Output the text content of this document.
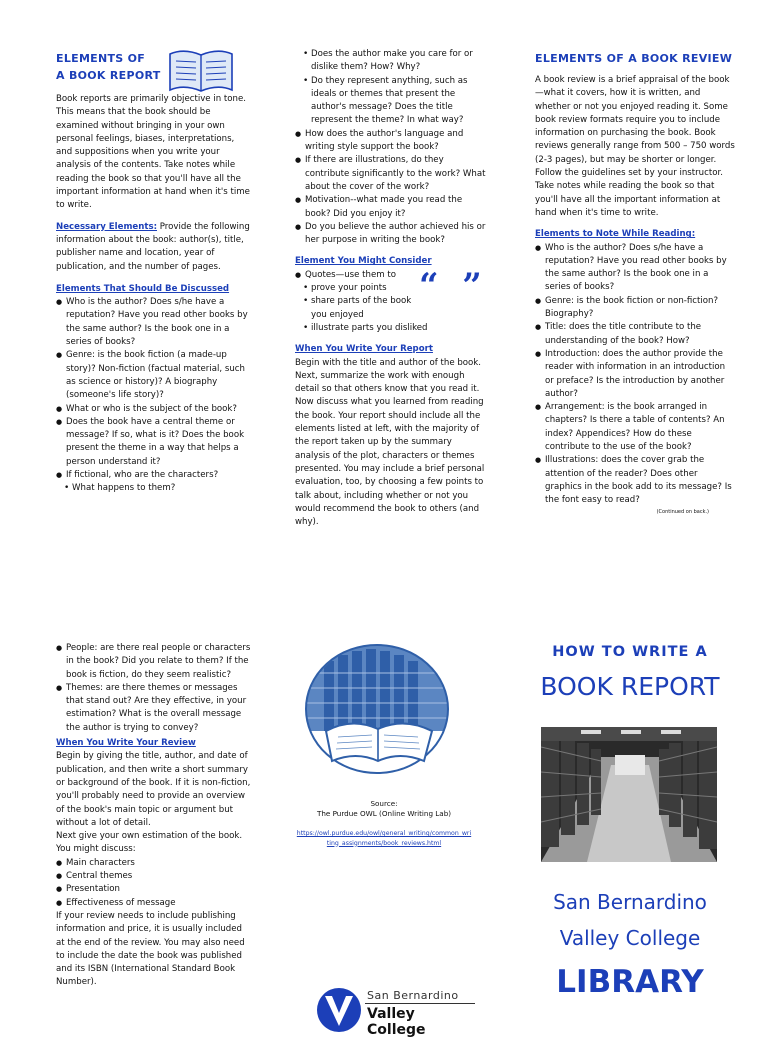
ELEMENTS OF
A BOOK REPORT

Book reports are primarily objective in tone. This means that the book should be examined without bringing in your own personal feelings, biases, interpretations, and suppositions when you write your analysis of the contents. Take notes while reading the book so that you'll have all the important information at hand when it's time to write.

Necessary Elements: Provide the following information about the book: author(s), title, publisher name and location, year of publication, and the number of pages.

Elements That Should Be Discussed
● Who is the author? Does s/he have a reputation? Have you read other books by the same author? Is the book one in a series of books?
● Genre: is the book fiction (a made-up story)? Non-fiction (factual material, such as science or history)? A biography (someone's life story)?
● What or who is the subject of the book?
● Does the book have a central theme or message? If so, what is it? Does the book present the theme in a way that helps a person understand it?
● If fictional, who are the characters?
• What happens to them?
• Does the author make you care for or dislike them? How? Why?
• Do they represent anything, such as ideals or themes that present the author's message? Does the title represent the theme? In what way?
● How does the author's language and writing style support the book?
● If there are illustrations, do they contribute significantly to the work? What about the cover of the work?
● Motivation--what made you read the book? Did you enjoy it?
● Do you believe the author achieved his or her purpose in writing the book?
Element You Might Consider
● Quotes—use them to
• prove your points
• share parts of the book you enjoyed
• illustrate parts you disliked
“ ”
When You Write Your Report

Begin with the title and author of the book. Next, summarize the work with enough detail so that others know that you read it. Now discuss what you learned from reading the book. Your report should include all the elements listed at left, with the majority of the report taken up by the summary analysis of the plot, characters or themes presented. You may include a brief personal evaluation, too, by choosing a few points to talk about, including whether or not you would recommend the book to others (and why).

ELEMENTS OF A BOOK REVIEW

A book review is a brief appraisal of the book—what it covers, how it is written, and whether or not you enjoyed reading it. Some book review formats require you to include information on purchasing the book. Book reviews generally range from 500 – 750 words (2-3 pages), but may be shorter or longer. Follow the guidelines set by your instructor. Take notes while reading the book so that you'll have all the important information at hand when it's time to write.

Elements to Note While Reading:
● Who is the author? Does s/he have a reputation? Have you read other books by the same author? Is the book one in a series of books?
● Genre: is the book fiction or non-fiction? Biography?
● Title: does the title contribute to the understanding of the book? How?
● Introduction: does the author provide the reader with information in an introduction or preface? Is the introduction by another author?
● Arrangement: is the book arranged in chapters? Is there a table of contents? An index? Appendices? How do these contribute to the use of the book?
● Illustrations: does the cover grab the attention of the reader? Does other graphics in the book add to its message? Is the font easy to read?
(Continued on back.)
● People: are there real people or characters in the book? Did you relate to them? If the book is fiction, do they seem realistic?
● Themes: are there themes or messages that stand out? Are they effective, in your estimation? What is the overall message the author is trying to convey?
When You Write Your Review

Begin by giving the title, author, and date of publication, and then write a short summary or background of the book. If it is non-fiction, you'll probably need to provide an overview of the book's main topic or argument but without a lot of detail.

Next give your own estimation of the book. You might discuss:

● Main characters
● Central themes
● Presentation
● Effectiveness of message

If your review needs to include publishing information and price, it is usually included at the end of the review. You may also need to include the date the book was published and its ISBN (International Standard Book Number).

Source:
The Purdue OWL (Online Writing Lab)
https://owl.purdue.edu/owl/general_writing/common_writing_assignments/book_reviews.html
San Bernardino
Valley College
HOW TO WRITE A
BOOK REPORT
San Bernardino
Valley College
LIBRARY
